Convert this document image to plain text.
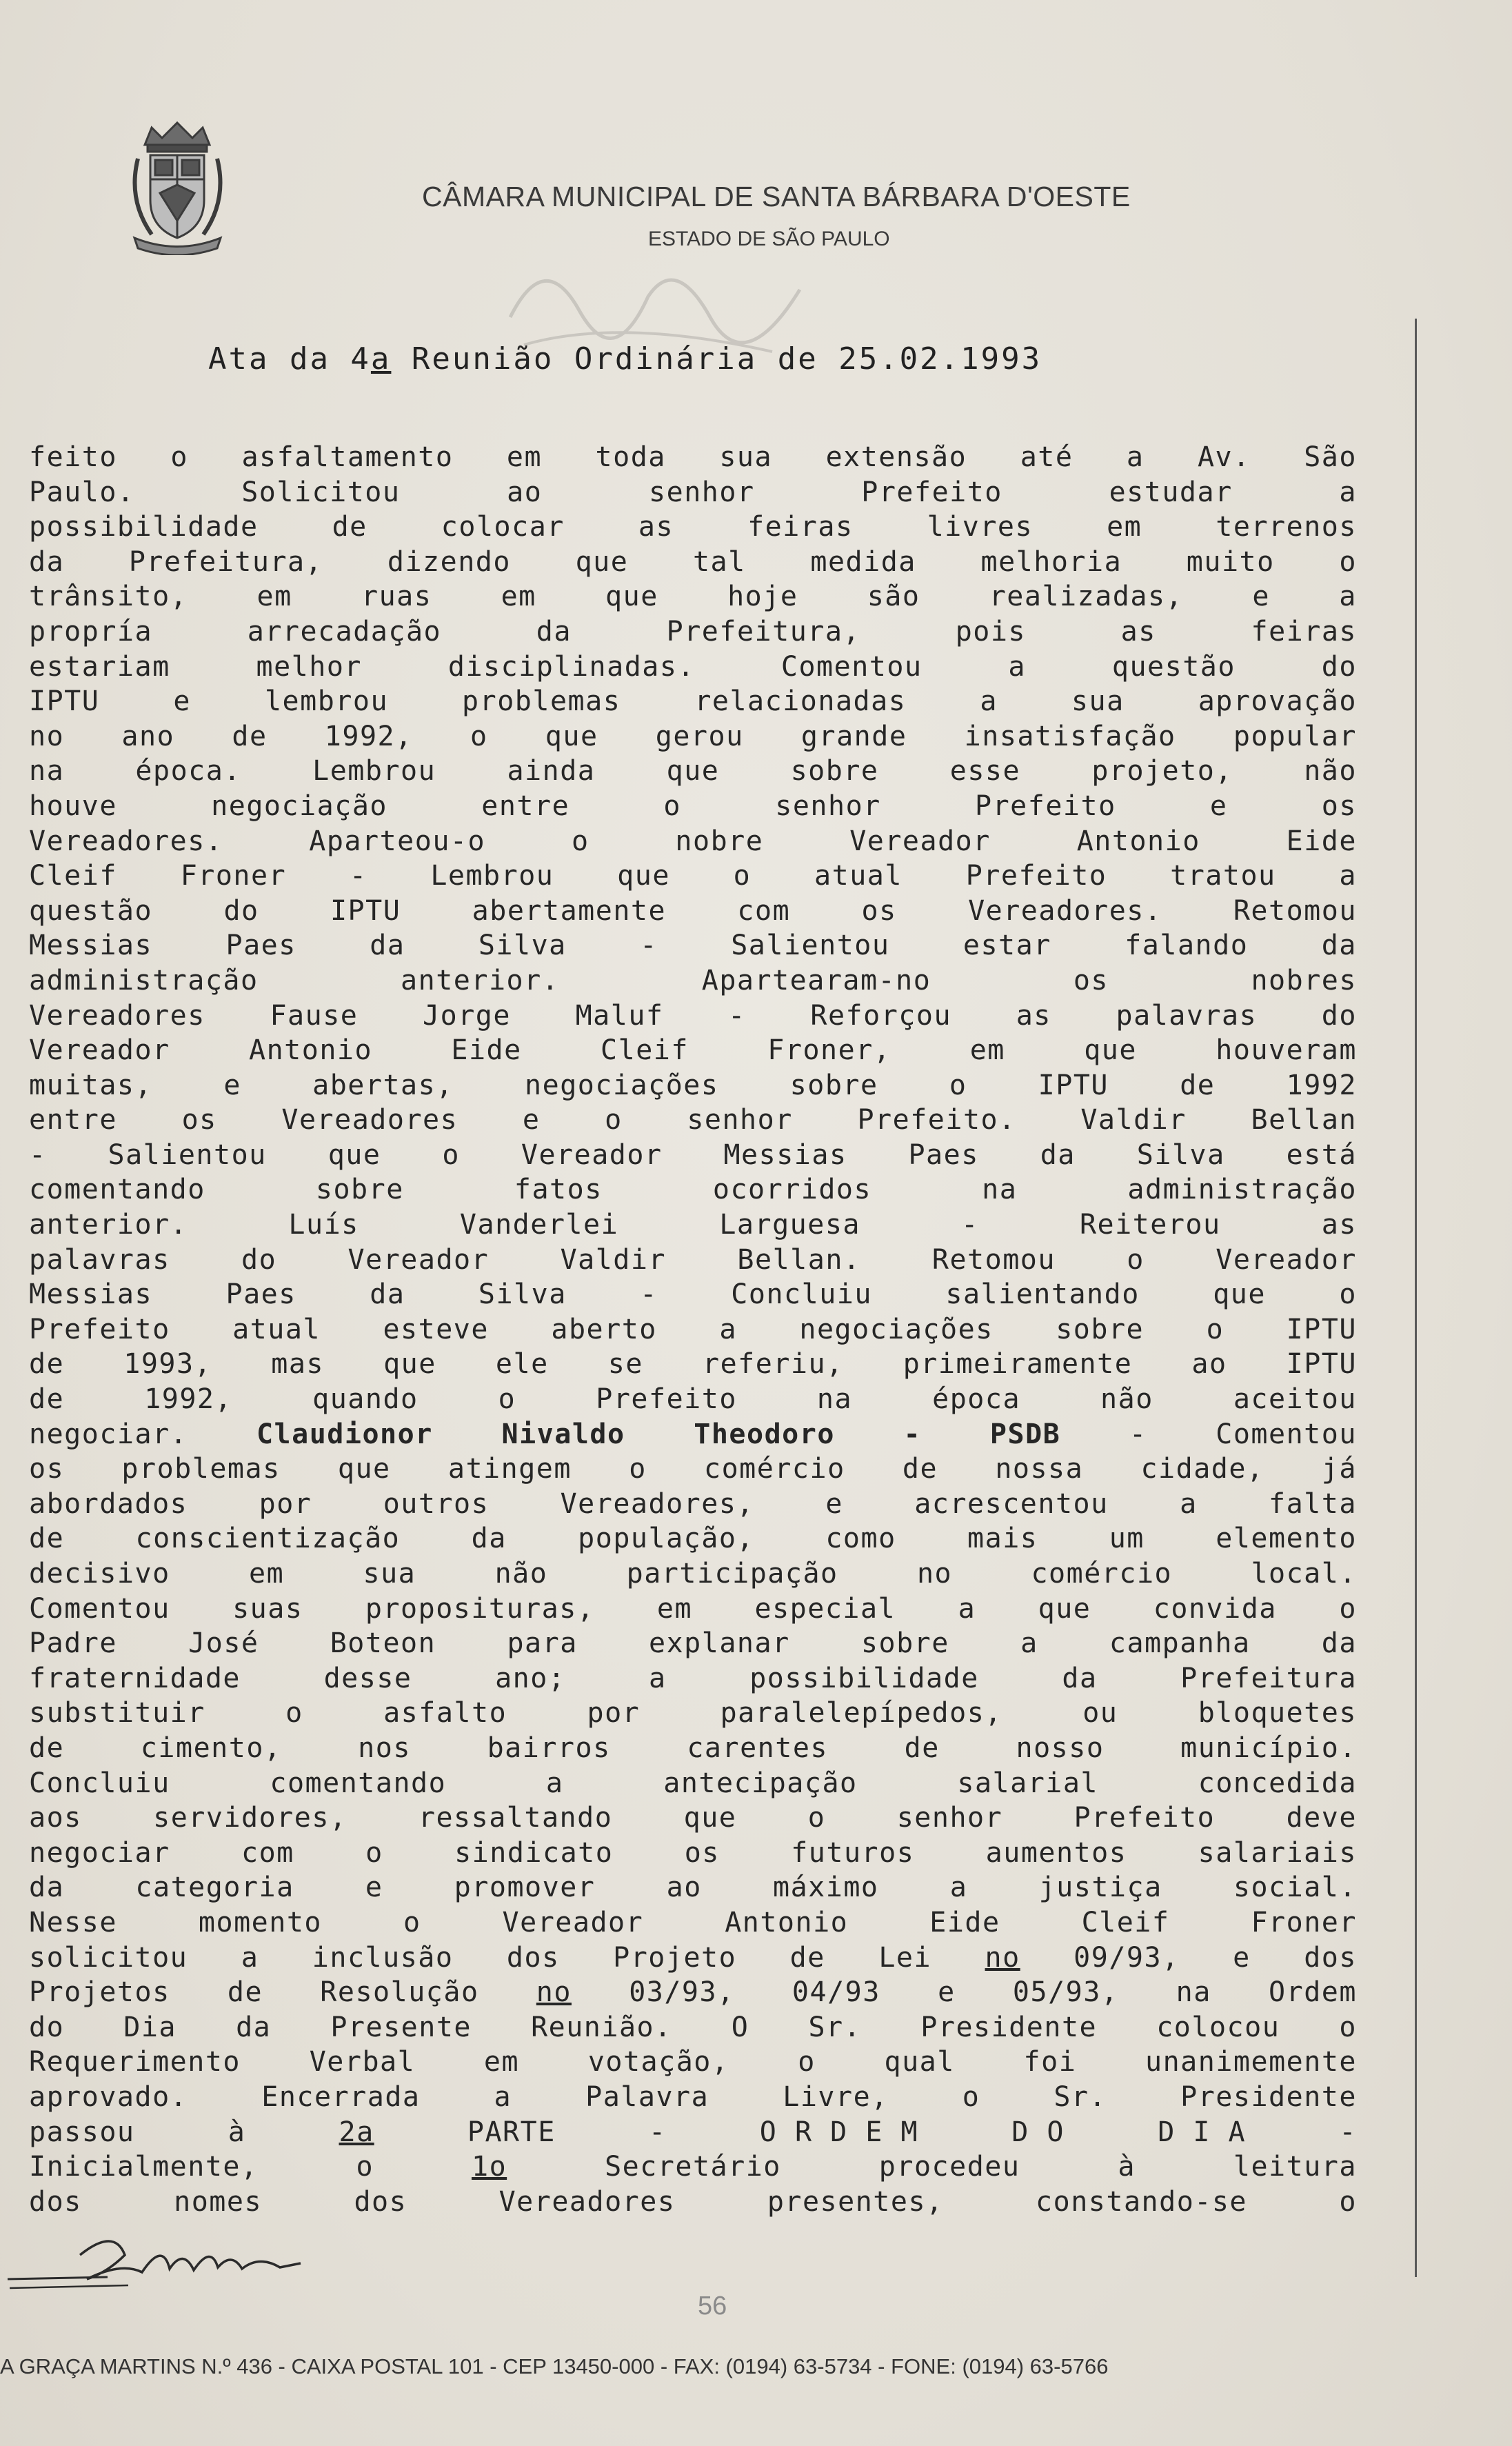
CÂMARA MUNICIPAL DE SANTA BÁRBARA D'OESTE
ESTADO DE SÃO PAULO
Ata da 4a Reunião Ordinária de 25.02.1993
feito o asfaltamento em toda sua extensão até a Av. São
Paulo.	Solicitou	ao	senhor	Prefeito	estudar	a
possibilidade	de	colocar	as	feiras	livres	em	terrenos
da Prefeitura, dizendo que tal medida melhoria muito o
trânsito,	em	ruas	em	que	hoje	são	realizadas,	e	a
propría	arrecadação	da	Prefeitura,	pois	as	feiras
estariam	melhor	disciplinadas.	Comentou	a	questão	do
IPTU	e	lembrou	problemas	relacionadas	a	sua	aprovação
no ano de 1992, o que gerou grande insatisfação popular
na	época.	Lembrou	ainda	que	sobre	esse	projeto,	não
houve	negociação	entre	o	senhor	Prefeito	e	os
Vereadores.	Aparteou-o	o	nobre	Vereador	Antonio	Eide
Cleif Froner - Lembrou que o atual Prefeito tratou a
questão	do	IPTU	abertamente	com	os	Vereadores.	Retomou
Messias	Paes	da	Silva	-	Salientou	estar	falando	da
administração	anterior.	Apartearam-no	os	nobres
Vereadores Fause Jorge Maluf - Reforçou as palavras do
Vereador	Antonio	Eide	Cleif	Froner,	em	que	houveram
muitas,	e	abertas,	negociações	sobre	o	IPTU	de	1992
entre os Vereadores e o senhor Prefeito. Valdir Bellan
- Salientou que o Vereador Messias Paes da Silva está
comentando	sobre	fatos	ocorridos	na	administração
anterior.	Luís	Vanderlei	Larguesa	-	Reiterou	as
palavras	do	Vereador	Valdir	Bellan.	Retomou	o	Vereador
Messias	Paes	da	Silva	-	Concluiu	salientando	que	o
Prefeito atual esteve aberto a negociações sobre o IPTU
de 1993, mas que ele se referiu, primeiramente ao IPTU
de	1992,	quando	o	Prefeito	na	época	não	aceitou
negociar. Claudionor Nivaldo Theodoro - PSDB - Comentou
os problemas que atingem o comércio de nossa cidade, já
abordados	por	outros	Vereadores,	e	acrescentou	a	falta
de	conscientização	da	população,	como	mais	um	elemento
decisivo	em	sua	não	participação	no	comércio	local.
Comentou suas proposituras, em especial a que convida o
Padre	José	Boteon	para	explanar	sobre	a	campanha	da
fraternidade	desse	ano;	a	possibilidade	da	Prefeitura
substituir	o	asfalto	por	paralelepípedos,	ou	bloquetes
de	cimento,	nos	bairros	carentes	de	nosso	município.
Concluiu	comentando	a	antecipação	salarial	concedida
aos	servidores,	ressaltando	que	o	senhor	Prefeito	deve
negociar	com	o	sindicato	os	futuros	aumentos	salariais
da	categoria	e	promover	ao	máximo	a	justiça	social.
Nesse	momento	o	Vereador	Antonio	Eide	Cleif	Froner
solicitou a inclusão dos Projeto de Lei no 09/93, e dos
Projetos de Resolução no 03/93, 04/93 e 05/93, na Ordem
do Dia da Presente Reunião. O Sr. Presidente colocou o
Requerimento Verbal em votação, o qual foi unanimemente
aprovado.	Encerrada	a	Palavra	Livre,	o	Sr.	Presidente
passou	à	2a	PARTE	-	O R D E M	D O	D I A	-
Inicialmente,	o	1o	Secretário	procedeu	à	leitura
dos	nomes	dos	Vereadores	presentes,	constando-se	o
56
A GRAÇA MARTINS N.º 436 - CAIXA POSTAL 101 - CEP 13450-000 - FAX: (0194) 63-5734 - FONE: (0194) 63-5766
